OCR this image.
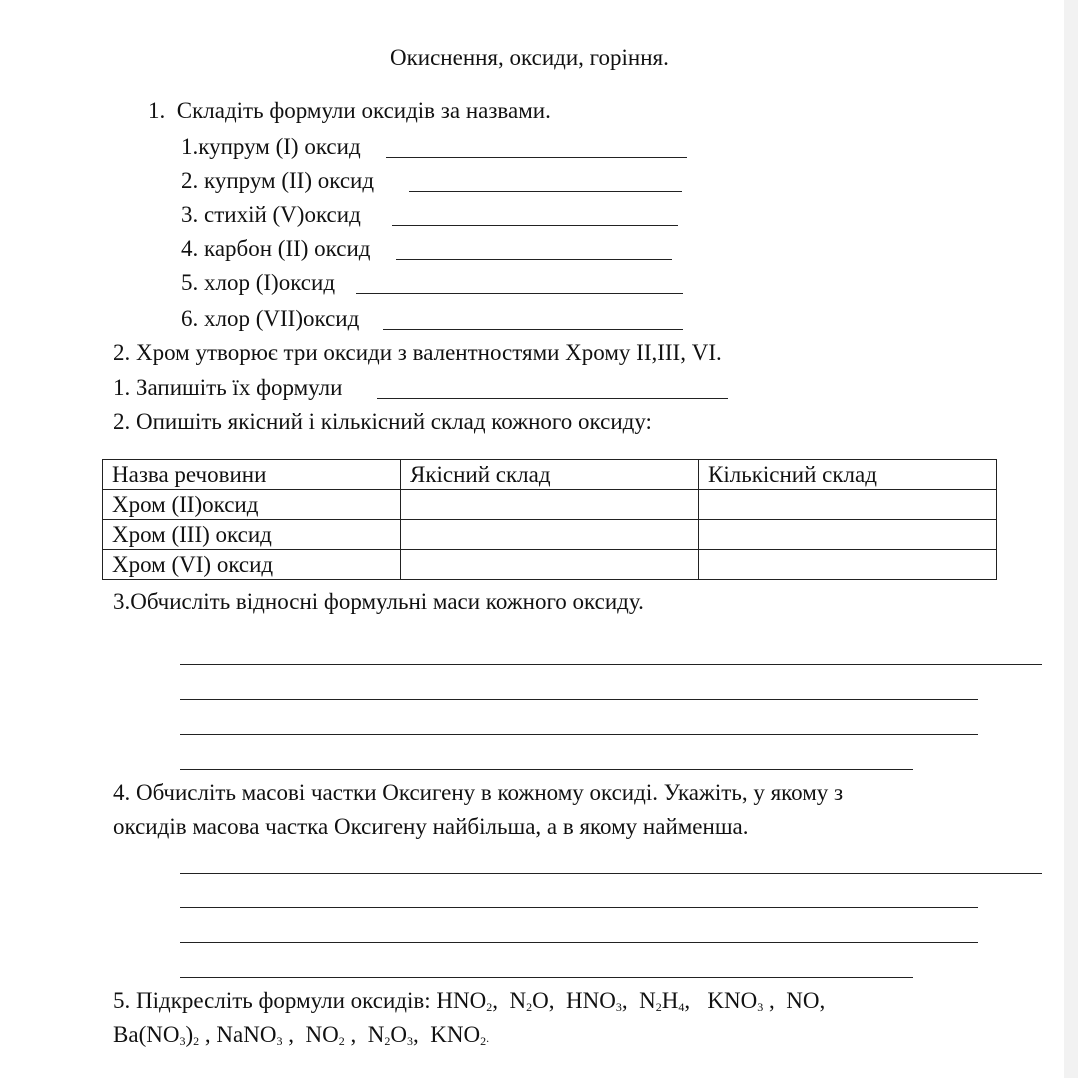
Окиснення, оксиди, горіння.
1.  Складіть формули оксидів за назвами.
1.купрум (І) оксид
2. купрум (ІІ) оксид
3. стихій (V)оксид
4. карбон (ІІ) оксид
5. хлор (І)оксид
6. хлор (VІІ)оксид
2. Хром утворює три оксиди з валентностями Хрому ІІ,ІІІ, VІ.
1. Запишіть їх формули
2. Опишіть якісний і кількісний склад кожного оксиду:
Назва речовини	Якісний склад	Кількісний склад
Хром (ІІ)оксид		
Хром (ІІІ) оксид		
Хром (VІ) оксид		
3.Обчисліть відносні формульні маси кожного оксиду.
4. Обчисліть масові частки Оксигену в кожному оксиді. Укажіть, у якому з
оксидів масова частка Оксигену найбільша, а в якому найменша.
5. Підкресліть формули оксидів: $HNO_2$,  $N_2O$,  $HNO_3$,  $N_2H_4$,   $KNO_3$ ,  NO,
$Ba(NO_3)_2$ , NaNO$_3$ ,  $NO_2$ ,  $N_2O_3$,  $KNO_2$.
